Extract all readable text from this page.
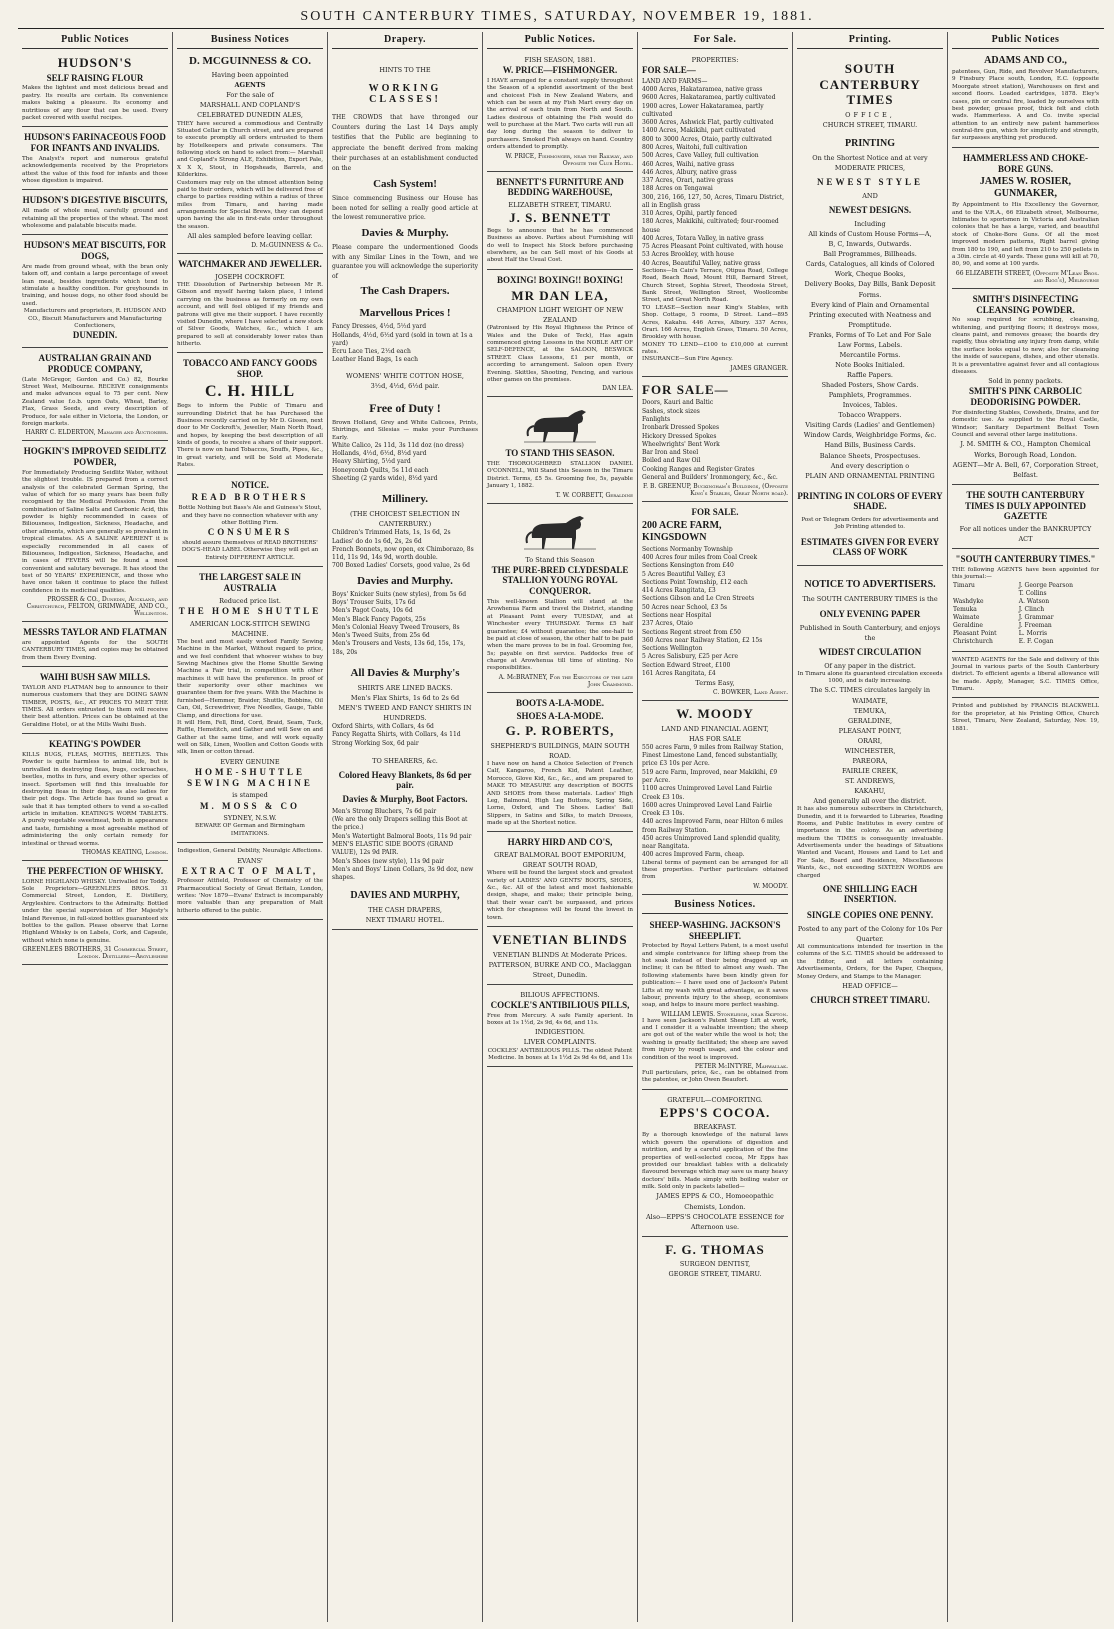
SOUTH CANTERBURY TIMES, SATURDAY, NOVEMBER 19, 1881.
Public Notices
HUDSON'S
SELF RAISING FLOUR
Makes the lightest and most delicious bread and pastry. Its results are certain. Its convenience makes baking a pleasure. Its economy and nutritious of any flour that can be used. Every packet covered with useful recipes.
HUDSON'S FARINACEOUS FOOD FOR INFANTS AND INVALIDS.
The Analyst's report and numerous grateful acknowledgements received by the Proprietors attest the value of this food for infants and those whose digestion is impaired.
HUDSON'S DIGESTIVE BISCUITS,
All made of whole meal, carefully ground and retaining all the properties of the wheat. The most wholesome and palatable biscuits made.
HUDSON'S MEAT BISCUITS, FOR DOGS,
Are made from ground wheat, with the bran only taken off, and contain a large percentage of sweet lean meat, besides ingredients which tend to stimulate a healthy condition. For greyhounds in training, and house dogs, no other food should be used.
Manufacturers and proprietors, R. HUDSON AND CO., Biscuit Manufacturers and Manufacturing Confectioners,
DUNEDIN.
AUSTRALIAN GRAIN AND PRODUCE COMPANY,
(Late McGregor, Gordon and Co.) 82, Bourke Street West, Melbourne. RECEIVE consignments and make advances equal to 75 per cent. New Zealand value f.o.b. upon Oats, Wheat, Barley, Flax, Grass Seeds, and every description of Produce, for sale either in Victoria, the London, or foreign markets.
HARRY C. ELDERTON, Manager and Auctioneer.
HOGKIN'S IMPROVED SEIDLITZ POWDER,
For Immediately Producing Seidlitz Water, without the slightest trouble. IS prepared from a correct analysis of the celebrated German Spring, the value of which for so many years has been fully recognised by the Medical Profession. From the combination of Saline Salts and Carbonic Acid, this powder is highly recommended in cases of Biliousness, Indigestion, Sickness, Headache, and other ailments, which are generally so prevalent in tropical climates. AS A SALINE APERIENT it is especially recommended in all cases of Biliousness, Indigestion, Sickness, Headache, and in cases of FEVERS will be found a most convenient and salutary beverage. It has stood the test of 50 YEARS' EXPERIENCE, and those who have once taken it continue to place the fullest confidence in its medicinal qualities.
PROSSER & CO., Dunedin, Auckland, and Christchurch, FELTON, GRIMWADE, AND CO., Wellington.
MESSRS TAYLOR AND FLATMAN
are appointed Agents for the SOUTH CANTERBURY TIMES, and copies may be obtained from them Every Evening.
WAIHI BUSH SAW MILLS.
TAYLOR AND FLATMAN beg to announce to their numerous customers that they are DOING SAWN TIMBER, POSTS, &c., AT PRICES TO MEET THE TIMES. All orders entrusted to them will receive their best attention. Prices can be obtained at the Geraldine Hotel, or at the Mills Waihi Bush.
KEATING'S POWDER
KILLS BUGS, FLEAS, MOTHS, BEETLES. This Powder is quite harmless to animal life, but is unrivalled in destroying fleas, bugs, cockroaches, beetles, moths in furs, and every other species of insect. Sportsmen will find this invaluable for destroying fleas in their dogs, as also ladies for their pet dogs. The Article has found so great a sale that it has tempted others to vend a so-called article in imitation. KEATING'S WORM TABLETS. A purely vegetable sweetmeat, both in appearance and taste, furnishing a most agreeable method of administering the only certain remedy for intestinal or thread worms.
THOMAS KEATING, London.
THE PERFECTION OF WHISKY.
LORNE HIGHLAND WHISKY. Unrivalled for Toddy. Sole Proprietors—GREENLEES BROS. 31 Commercial Street, London, E. Distillery, Argyleshire. Contractors to the Admiralty. Bottled under the special supervision of Her Majesty's Inland Revenue, in full-sized bottles guaranteed six bottles to the gallon. Please observe that Lorne Highland Whisky is on Labels, Cork, and Capsule, without which none is genuine.
GREENLEES BROTHERS, 31 Commercial Street, London. Distillers—Argyleshire
Business Notices
D. MCGUINNESS & CO.
Having been appointed
AGENTS
For the sale of
MARSHALL AND COPLAND'S
CELEBRATED DUNEDIN ALES,
THEY have secured a commodious and Centrally Situated Cellar in Church street, and are prepared to execute promptly all orders entrusted to them by Hotelkeepers and private consumers. The following stock on hand to select from:— Marshall and Copland's Strong ALE, Exhibition, Export Pale, X X X, Stout, in Hogsheads, Barrels, and Kilderkins.
Customers may rely on the utmost attention being paid to their orders, which will be delivered free of charge to parties residing within a radius of three miles from Timaru, and having made arrangements for Special Brews, they can depend upon having the ale in first-rate order throughout the season.
All ales sampled before leaving cellar.
D. McGUINNESS & Co.
WATCHMAKER AND JEWELLER.
JOSEPH COCKROFT.
THE Dissolution of Partnership between Mr R. Gibson and myself having taken place, I intend carrying on the business as formerly on my own account, and will feel obliged if my friends and patrons will give me their support. I have recently visited Dunedin, where I have selected a new stock of Silver Goods, Watches, &c., which I am prepared to sell at considerably lower rates than hitherto.
TOBACCO AND FANCY GOODS SHOP.
C. H. HILL
Begs to inform the Public of Timaru and surrounding District that he has Purchased the Business recently carried on by Mr D. Gissen, next door to Mr Cockroft's, Jeweller, Main North Road, and hopes, by keeping the best description of all kinds of goods, to receive a share of their support. There is now on hand Tobaccos, Snuffs, Pipes, &c., in great variety, and will be Sold at Moderate Rates.
NOTICE.
READ BROTHERS
Bottle Nothing but Bass's Ale and Guiness's Stout, and they have no connection whatever with any other Bottling Firm.
CONSUMERS
should assure themselves of READ BROTHERS' DOG'S-HEAD LABEL Otherwise they will get an Entirely DIFFERENT ARTICLE.
THE LARGEST SALE IN AUSTRALIA
Reduced price list.
THE HOME SHUTTLE
AMERICAN LOCK-STITCH SEWING MACHINE.
The best and most easily worked Family Sewing Machine in the Market, Without regard to price, and we feel confident that whoever wishes to buy Sewing Machines give the Home Shuttle Sewing Machine a Fair trial, in competition with other machines it will have the preference. In proof of their superiority over other machines we guarantee them for five years. With the Machine is furnished—Hemmer, Braider, Shuttle, Bobbins, Oil Can, Oil, Screwdriver, Five Needles, Gauge, Table Clamp, and directions for use.
It will Hem, Fell, Bind, Cord, Braid, Seam, Tuck, Ruffle, Hemstitch, and Gather and will Sew on and Gather at the same time, and will work equally well on Silk, Linen, Woollen and Cotton Goods with silk, linen or cotton thread.
EVERY GENUINE
HOME-SHUTTLE SEWING MACHINE
is stamped
M. MOSS & CO
SYDNEY, N.S.W.
BEWARE OF German and Birmingham IMITATIONS.
Indigestion, General Debility, Neuralgic Affections.
EVANS'
EXTRACT OF MALT,
Professor Attfield, Professor of Chemistry of the Pharmaceutical Society of Great Britain, London, writes: 'Nov 1879—Evans' Extract is incomparably more valuable than any preparation of Malt hitherto offered to the public.
Drapery.
HINTS TO THE
WORKING CLASSES!
THE CROWDS that have thronged our Counters during the Last 14 Days amply testifies that the Public are beginning to appreciate the benefit derived from making their purchases at an establishment conducted on the
Cash System!
Since commencing Business our House has been noted for selling a really good article at the lowest remunerative price.
Davies & Murphy.
Please compare the undermentioned Goods with any Similar Lines in the Town, and we guarantee you will acknowledge the superiority of
The Cash Drapers.
Marvellous Prices !
Fancy Dresses, 4½d, 5½d yard
Hollands, 4½d, 6½d yard (sold in town at 1s a yard)
Ecru Lace Ties, 2½d each
Leather Hand Bags, 1s each
WOMENS' WHITE COTTON HOSE,
3½d, 4½d, 6½d pair.
Free of Duty !
Brown Holland, Grey and White Calicoes, Prints, Shirtings, and Silesias — make your Purchases Early.
White Calico, 2s 11d, 3s 11d doz (no dress)
Hollands, 4½d, 6½d, 8½d yard
Heavy Shirting, 5½d yard
Honeycomb Quilts, 5s 11d each
Sheeting (2 yards wide), 8½d yard
Millinery.
(THE CHOICEST SELECTION IN CANTERBURY.)
Children's Trimmed Hats, 1s, 1s 6d, 2s
Ladies' do do 1s 6d, 2s, 2s 6d
French Bonnets, now open, ex Chimborazo, 8s 11d, 11s 9d, 14s 9d, worth double.
700 Boxed Ladies' Corsets, good value, 2s 6d
Davies and Murphy.
Boys' Knicker Suits (new styles), from 5s 6d
Boys' Trouser Suits, 17s 6d
Men's Pagot Coats, 10s 6d
Men's Black Fancy Pagots, 25s
Men's Colonial Heavy Tweed Trousers, 8s
Men's Tweed Suits, from 25s 6d
Men's Trousers and Vests, 13s 6d, 15s, 17s, 18s, 20s
All Davies & Murphy's
SHIRTS ARE LINED BACKS.
Men's Flax Shirts, 1s 6d to 2s 6d
MEN'S TWEED AND FANCY SHIRTS IN HUNDREDS.
Oxford Shirts, with Collars, 4s 6d
Fancy Regatta Shirts, with Collars, 4s 11d
Strong Working Sox, 6d pair
TO SHEARERS, &c.
Colored Heavy Blankets, 8s 6d per pair.
Davies & Murphy, Boot Factors.
Men's Strong Bluchers, 7s 6d pair
(We are the only Drapers selling this Boot at the price.)
Men's Watertight Balmoral Boots, 11s 9d pair
MEN'S ELASTIC SIDE BOOTS (GRAND VALUE), 12s 9d PAIR.
Men's Shoes (new style), 11s 9d pair
Men's and Boys' Linen Collars, 3s 9d doz, new shapes.
DAVIES AND MURPHY,
THE CASH DRAPERS,
NEXT TIMARU HOTEL.
Public Notices.
FISH SEASON, 1881.
W. PRICE—FISHMONGER.
I HAVE arranged for a constant supply throughout the Season of a splendid assortment of the best and choicest Fish in New Zealand Waters, and which can be seen at my Fish Mart every day on the arrival of each train from North and South. Ladies desirous of obtaining the Fish would do well to purchase at the Mart. Two carts will run all day long during the season to deliver to purchasers. Smoked Fish always on hand. Country orders attended to promptly.
W. PRICE, Fishmonger, near the Railway, and Opposite the Club Hotel.
BENNETT'S FURNITURE AND BEDDING WAREHOUSE,
ELIZABETH STREET, TIMARU.
J. S. BENNETT
Begs to announce that he has commenced Business as above. Parties about Furnishing will do well to Inspect his Stock before purchasing elsewhere, as he can Sell most of his Goods at about Half the Usual Cost.
BOXING! BOXING!! BOXING!
MR DAN LEA,
CHAMPION LIGHT WEIGHT OF NEW ZEALAND
(Patronised by His Royal Highness the Prince of Wales and the Duke of Teck), Has again commenced giving Lessons in the NOBLE ART OF SELF-DEFENCE, at the SALOON, BESWICK STREET. Class Lessons, £1 per month, or according to arrangement. Saloon open Every Evening. Skittles, Shooting, Fencing, and various other games on the premises.
DAN LEA.
TO STAND THIS SEASON.
THE THOROUGHBRED STALLION DANIEL O'CONNELL, Will Stand this Season in the Timaru District. Terms, £5 5s. Grooming fee, 5s, payable January 1, 1882.
T. W. CORBETT, Geraldine
To Stand this Season
THE PURE-BRED CLYDESDALE STALLION YOUNG ROYAL CONQUEROR.
This well-known Stallion will stand at the Arowhenua Farm and travel the District, standing at Pleasant Point every TUESDAY, and at Winchester every THURSDAY. Terms £5 half guarantee; £4 without guarantee; the one-half to be paid at close of season, the other half to be paid when the mare proves to be in foal. Grooming fee, 5s; payable on first service. Paddocks free of charge at Arowhenua till time of stinting. No responsibilities.
A. McBRATNEY, For the Executors of the late John Crammond.
BOOTS A-LA-MODE.
SHOES A-LA-MODE.
G. P. ROBERTS,
SHEPHERD'S BUILDINGS, MAIN SOUTH ROAD.
I have now on hand a Choice Selection of French Calf, Kangaroo, French Kid, Patent Leather, Morocco, Glove Kid, &c., &c., and am prepared to MAKE TO MEASURE any description of BOOTS AND SHOES from these materials. Ladies' High Leg, Balmoral, High Leg Buttons, Spring Side, Lorne, Oxford, and Tie Shoes. Ladies' Ball Slippers, in Satins and Silks, to match Dresses, made up at the Shortest notice.
HARRY HIRD AND CO'S,
GREAT BALMORAL BOOT EMPORIUM, GREAT SOUTH ROAD,
Where will be found the largest stock and greatest variety of LADIES' AND GENTS' BOOTS, SHOES, &c., &c. All of the latest and most fashionable design, shape, and make; their principle being, that their wear can't be surpassed, and prices which for cheapness will be found the lowest in town.
VENETIAN BLINDS
VENETIAN BLINDS At Moderate Prices.
PATTERSON, BURKE AND CO., Maclaggan Street, Dunedin.
BILIOUS AFFECTIONS.
COCKLE'S ANTIBILIOUS PILLS,
Free from Mercury. A safe Family aperient. In boxes at 1s 1½d, 2s 9d, 4s 6d, and 11s.
INDIGESTION.
LIVER COMPLAINTS.
COCKLES' ANTIBILIOUS PILLS. The oldest Patent Medicine. In boxes at 1s 1½d 2s 9d 4s 6d, and 11s
For Sale.
PROPERTIES:
FOR SALE—
LAND AND FARMS—
4000 Acres, Hakataramea, native grass
9600 Acres, Hakataramea, partly cultivated
1900 acres, Lower Hakataramea, partly cultivated
3600 Acres, Ashwick Flat, partly cultivated
1400 Acres, Makikihi, part cultivated
800 to 3000 Acres, Otaio, partly cultivated
800 Acres, Waitohi, full cultivation
500 Acres, Cave Valley, full cultivation
460 Acres, Waihi, native grass
446 Acres, Albury, native grass
337 Acres, Orari, native grass
188 Acres on Tengawai
300, 216, 166, 127, 50, Acres, Timaru District, all in English grass
310 Acres, Opihi, partly fenced
180 Acres, Makikihi, cultivated; four-roomed house
400 Acres, Totara Valley, in native grass
75 Acres Pleasant Point cultivated, with house
53 Acres Brookley, with house
40 Acres, Beautiful Valley, native grass
Sections—In Cain's Terrace, Otipua Road, College Road, Beach Road, Mount Hill, Barnard Street, Church Street, Sophia Street, Theodosia Street, Bank Street, Wellington Street, Woollcombe Street, and Great North Road.
TO LEASE—Section near King's Stables, with Shop. Cottage, 5 rooms, D Street. Land—895 Acres, Kakahu. 446 Acres, Albury. 337 Acres, Orari. 166 Acres, English Grass, Timaru. 50 Acres, Brookley with house.
MONEY TO LEND—£100 to £10,000 at current rates.
INSURANCE—Sun Fire Agency.
JAMES GRANGER.
FOR SALE—
Doors, Kauri and Baltic
Sashes, stock sizes
Fanlights
Ironbark Dressed Spokes
Hickory Dressed Spokes
Wheelwrights' Bent Work
Bar Iron and Steel
Boiled and Raw Oil
Cooking Ranges and Register Grates
General and Builders' Ironmongery, &c., &c.
F. B. GREENUP, Buckingham's Buildings, (Opposite King's Stables, Great North road).
FOR SALE.
200 ACRE FARM, KINGSDOWN
Sections Normanby Township
400 Acres four miles from Coal Creek
Sections Kensington from £40
5 Acres Beautiful Valley, £3
Sections Point Township, £12 each
414 Acres Rangitata, £3
Sections Gibson and Le Cren Streets
50 Acres near School, £3 5s
Sections near Hospital
237 Acres, Otaio
Sections Regent street from £50
360 Acres near Railway Station, £2 15s
Sections Wellington
5 Acres Salisbury, £25 per Acre
Section Edward Street, £100
161 Acres Rangitata, £4
Terms Easy,
C. BOWKER, Land Agent.
W. MOODY
LAND AND FINANCIAL AGENT,
HAS FOR SALE
550 acres Farm, 9 miles from Railway Station, Finest Limestone Land, fenced substantially, price £3 10s per Acre.
519 acre Farm, Improved, near Makikihi, £9 per Acre.
1100 acres Unimproved Level Land Fairlie Creek £3 10s.
1600 acres Unimproved Level Land Fairlie Creek £3 10s.
440 acres Improved Farm, near Hilton 6 miles from Railway Station.
450 acres Unimproved Land splendid quality, near Rangitata.
400 acres Improved Farm, cheap.
Liberal terms of payment can be arranged for all these properties. Further particulars obtained from
W. MOODY.
Business Notices.
SHEEP-WASHING. JACKSON'S SHEEPLIFT.
Protected by Royal Letters Patent, is a most useful and simple contrivance for lifting sheep from the hot soak instead of their being dragged up an incline; it can be fitted to almost any wash. The following statements have been kindly given for publication:— I have used one of Jackson's Patent Lifts at my wash with great advantage, as it saves labour, prevents injury to the sheep, economises soap, and helps to insure more perfect washing.
WILLIAM LEWIS. Stoneleigh, near Skipton.
I have seen Jackson's Patent Sheep Lift at work, and I consider it a valuable invention; the sheep are got out of the water while the wool is hot; the washing is greatly facilitated; the sheep are saved from injury by rough usage, and the colour and condition of the wool is improved.
PETER McINTYRE, Mahwallak.
Full particulars, price, &c., can be obtained from the patentee, or John Owen Beaufort.
GRATEFUL—COMFORTING.
EPPS'S COCOA.
BREAKFAST.
By a thorough knowledge of the natural laws which govern the operations of digestion and nutrition, and by a careful application of the fine properties of well-selected cocoa, Mr Epps has provided our breakfast tables with a delicately flavoured beverage which may save us many heavy doctors' bills. Made simply with boiling water or milk. Sold only in packets labelled—
JAMES EPPS & CO., Homoeopathic Chemists, London.
Also—EPPS'S CHOCOLATE ESSENCE for Afternoon use.
F. G. THOMAS
SURGEON DENTIST,
GEORGE STREET, TIMARU.
Printing.
SOUTH CANTERBURY TIMES
OFFICE,
CHURCH STREET, TIMARU.
PRINTING
On the Shortest Notice and at very
MODERATE PRICES,
NEWEST STYLE
AND
NEWEST DESIGNS.
Including
All kinds of Custom House Forms—A,
B, C, Inwards, Outwards.
Ball Programmes, Billheads.
Cards, Catalogues, all kinds of Colored
Work, Cheque Books,
Delivery Books, Day Bills, Bank Deposit
Forms.
Every kind of Plain and Ornamental
Printing executed with Neatness and
Promptitude.
Franks, Forms of To Let and For Sale
Law Forms, Labels.
Mercantile Forms.
Note Books Initialed.
Raffle Papers.
Shaded Posters, Show Cards.
Pamphlets, Programmes.
Invoices, Tables.
Tobacco Wrappers.
Visiting Cards (Ladies' and Gentlemen)
Window Cards, Weighbridge Forms, &c.
Hand Bills, Business Cards.
Balance Sheets, Prospectuses.
And every description o
PLAIN AND ORNAMENTAL PRINTING
PRINTING IN COLORS OF EVERY SHADE.
Post or Telegram Orders for advertisements and Job Printing attended to.
ESTIMATES GIVEN FOR EVERY CLASS OF WORK
NOTICE TO ADVERTISERS.
The SOUTH CANTERBURY TIMES is the
ONLY EVENING PAPER
Published in South Canterbury, and enjoys the
WIDEST CIRCULATION
Of any paper in the district.
In Timaru alone its guaranteed circulation exceeds 1000, and is daily increasing.
The S.C. TIMES circulates largely in
WAIMATE,
TEMUKA,
GERALDINE,
PLEASANT POINT,
ORARI,
WINCHESTER,
PAREORA,
FAIRLIE CREEK,
ST. ANDREWS,
KAKAHU,
And generally all over the district.
It has also numerous subscribers in Christchurch, Dunedin, and it is forwarded to Libraries, Reading Rooms, and Public Institutes in every centre of importance in the colony. As an advertising medium the TIMES is consequently invaluable. Advertisements under the headings of Situations Wanted and Vacant, Houses and Land to Let and For Sale, Board and Residence, Miscellaneous Wants, &c., not exceeding SIXTEEN WORDS are charged
ONE SHILLING EACH INSERTION.
SINGLE COPIES ONE PENNY.
Posted to any part of the Colony for 10s Per Quarter.
All communications intended for insertion in the columns of the S.C. TIMES should be addressed to the Editor, and all letters containing Advertisements, Orders, for the Paper, Cheques, Money Orders, and Stamps to the Manager.
HEAD OFFICE—
CHURCH STREET TIMARU.
Public Notices
ADAMS AND CO.,
patentees, Gun, Ride, and Revolver Manufacturers, 9 Finsbury Place south, London, E.C. (opposite Moorgate street station), Warehouses on first and second floors. Loaded cartridges, 1878. Eley's cases, pin or central fire, loaded by ourselves with best powder, grease proof, thick felt and cloth wads. Hammerless. A and Co. invite special attention to an entirely new patent hammerless central-fire gun, which for simplicity and strength, far surpasses anything yet produced.
HAMMERLESS AND CHOKE-BORE GUNS.
JAMES W. ROSIER, GUNMAKER,
By Appointment to His Excellency the Governor, and to the V.R.A., 66 Elizabeth street, Melbourne, Intimates to sportsmen in Victoria and Australian colonies that he has a large, varied, and beautiful stock of Choke-Bore Guns. Of all the most improved modern patterns, Right barrel giving from 180 to 190, and left from 210 to 250 pellets in a 30in. circle at 40 yards. These guns will kill at 70, 80, 90, and some at 100 yards.
66 ELIZABETH STREET, (Opposite M'Lean Bros. and Rigg's), Melbourne
SMITH'S DISINFECTING CLEANSING POWDER.
No soap required for scrubbing, cleansing, whitening, and purifying floors; it destroys moss, cleans paint, and removes grease; the boards dry rapidly, thus obviating any injury from damp, while the surface looks equal to new; also for cleansing the inside of saucepans, dishes, and other utensils. It is a preventative against fever and all contagious diseases.
Sold in penny packets.
SMITH'S PINK CARBOLIC DEODORISING POWDER.
For disinfecting Stables, Cowsheds, Drains, and for domestic use. As supplied to the Royal Castle, Windsor; Sanitary Department Belfast Town Council and several other large institutions.
J. M. SMITH & CO., Hampton Chemical Works, Borough Road, London.
AGENT—Mr A. Bell, 67, Corporation Street, Belfast.
THE SOUTH CANTERBURY TIMES IS DULY APPOINTED GAZETTE
For all notices under the BANKRUPTCY ACT
"SOUTH CANTERBURY TIMES."
THE following AGENTS have been appointed for this journal:—
Timaru	J. George Pearson
	T. Collins
Washdyke	A. Watson
Temuka	J. Clinch
Waimate	J. Grammar
Geraldine	J. Freeman
Pleasant Point	L. Morris
Christchurch	E. F. Cogan
WANTED AGENTS for the Sale and delivery of this Journal in various parts of the South Canterbury district. To efficient agents a liberal allowance will be made. Apply, Manager, S.C. TIMES Office, Timaru.
Printed and published by FRANCIS BLACKWELL for the proprietor, at his Printing Office, Church Street, Timaru, New Zealand, Saturday, Nov. 19, 1881.
